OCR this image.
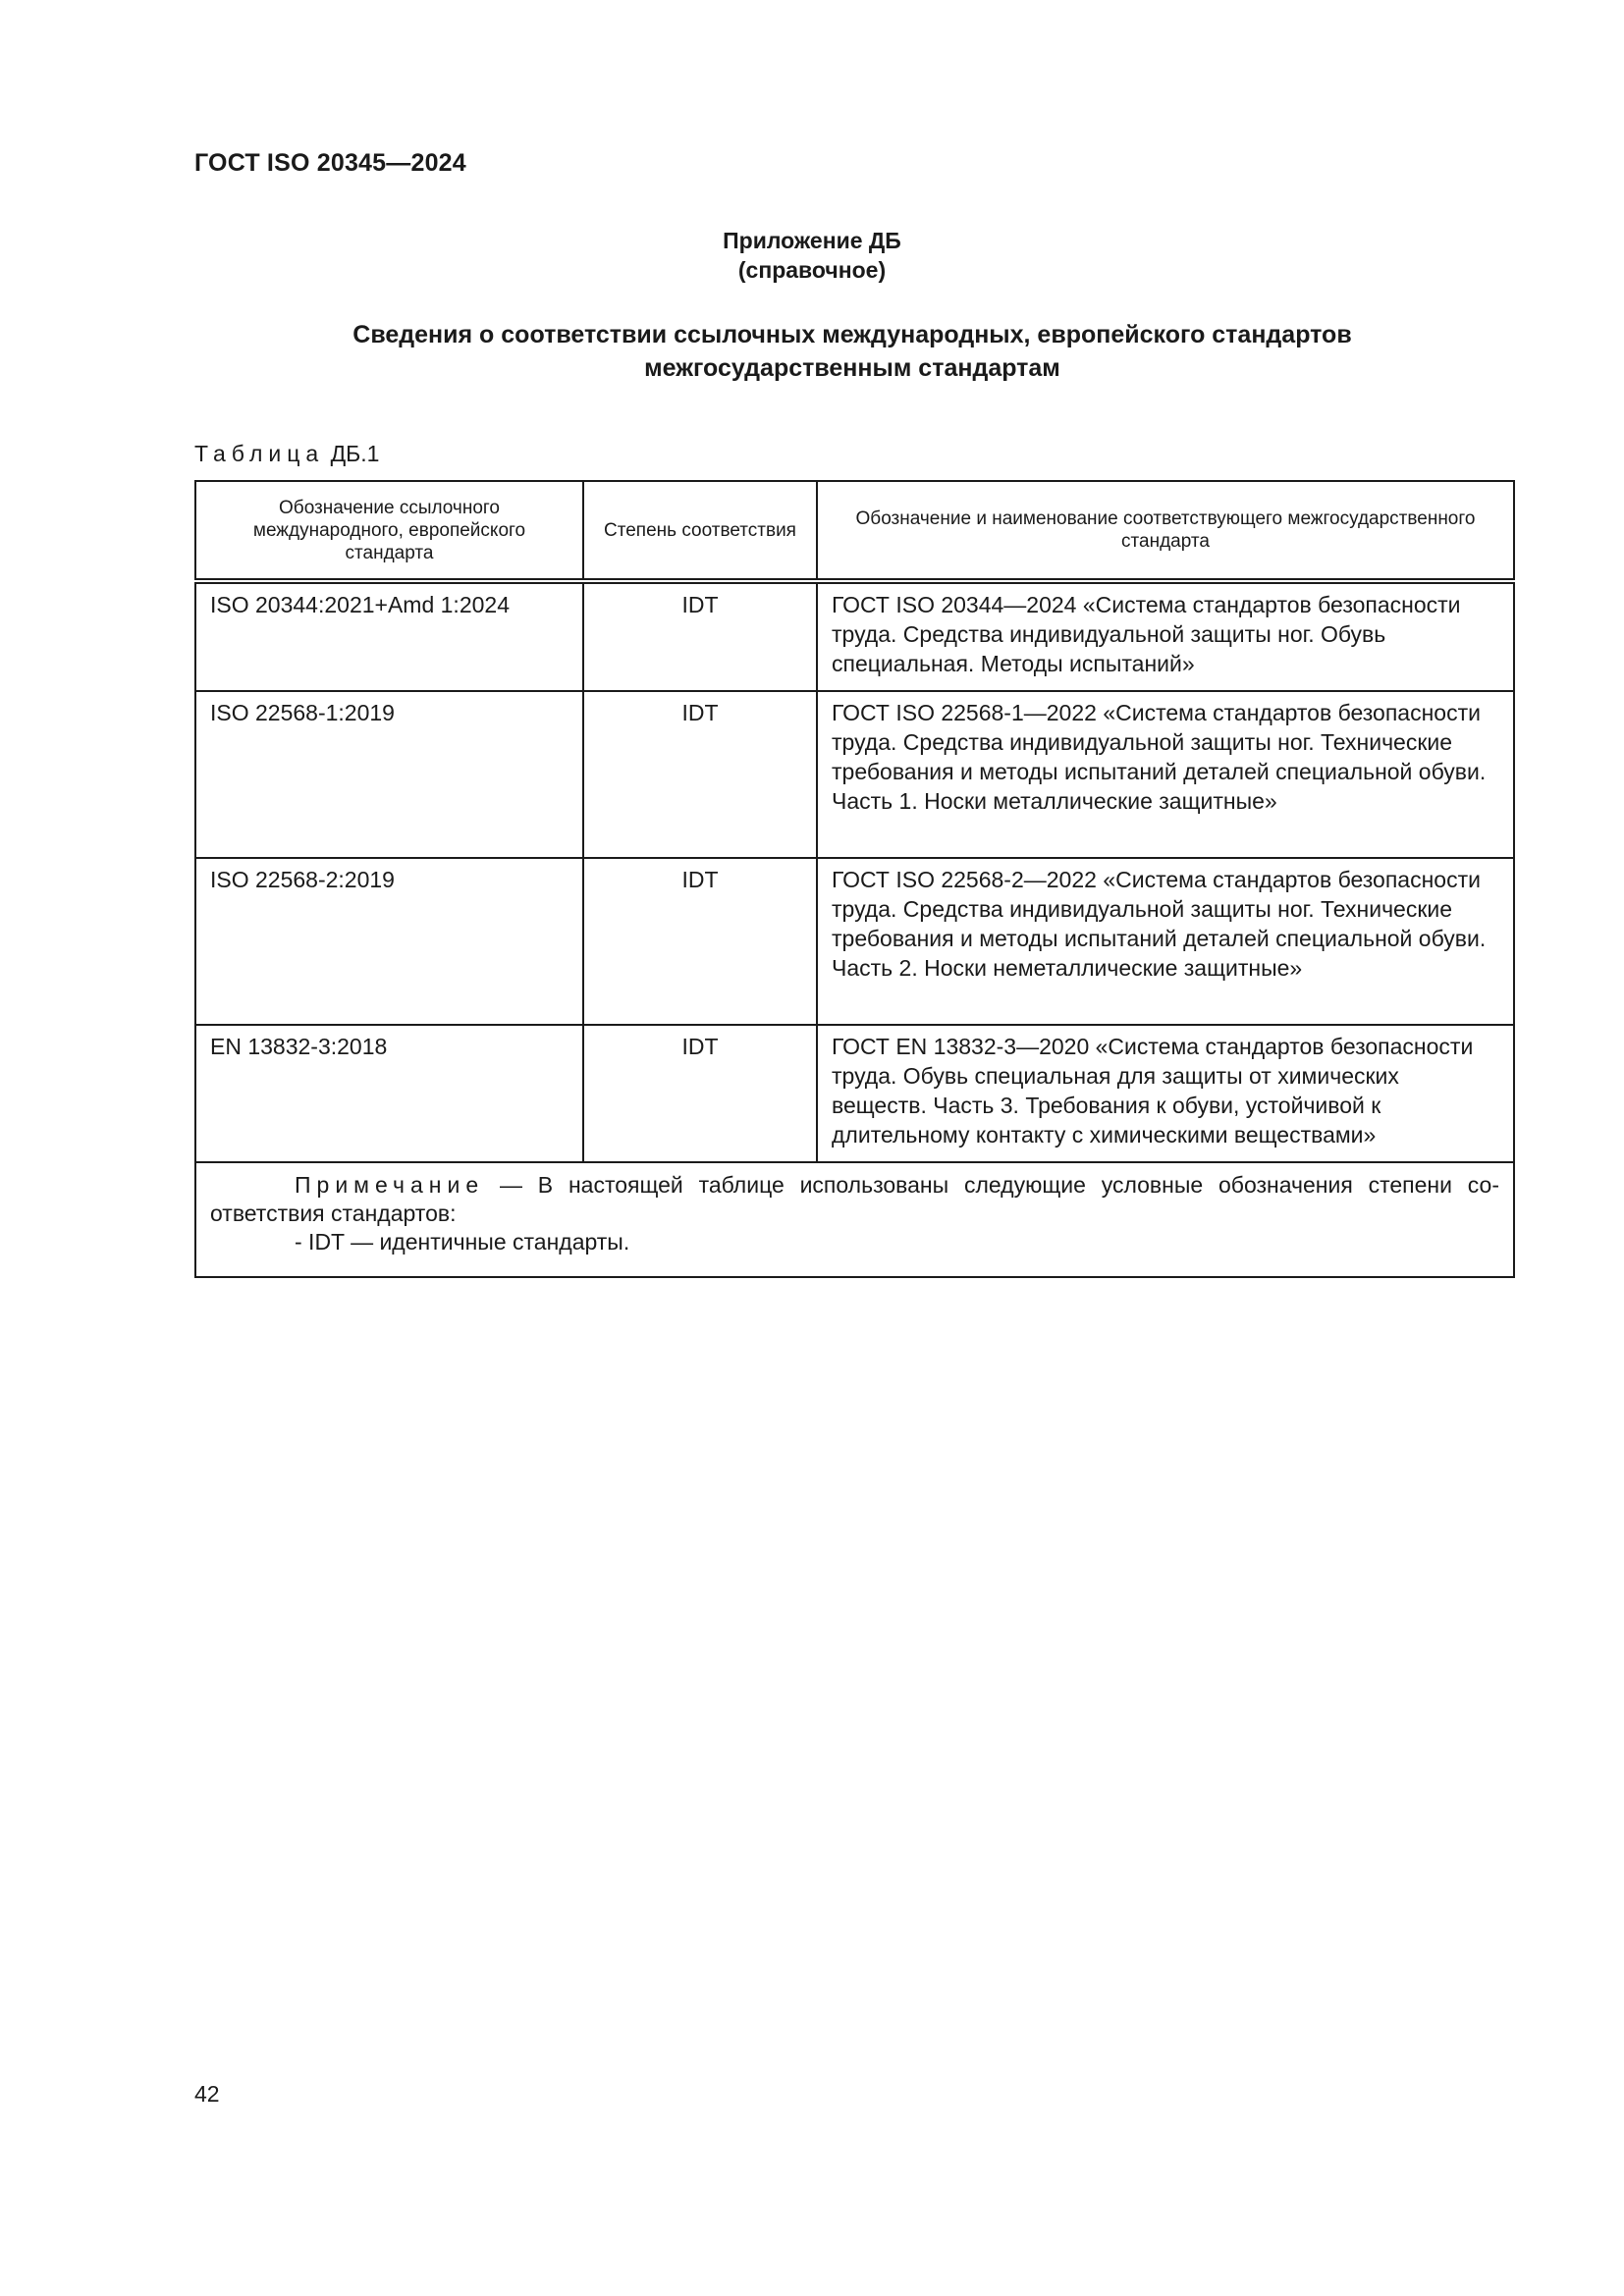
ГОСТ ISO 20345—2024
Приложение ДБ
(справочное)
Сведения о соответствии ссылочных международных, европейского стандартов
межгосударственным стандартам
Таблица ДБ.1
Обозначение ссылочного международного, европейского стандарта	Степень соответствия	Обозначение и наименование соответствующего межгосударственного стандарта
ISO 20344:2021+Amd 1:2024	IDT	ГОСТ ISO 20344—2024 «Система стандартов безопасности труда. Средства индивидуальной защиты ног. Обувь специальная. Методы испытаний»
ISO 22568-1:2019	IDT	ГОСТ ISO 22568-1—2022 «Система стандартов безопасности труда. Средства индивидуальной защиты ног. Технические требования и методы испытаний деталей специальной обуви. Часть 1. Носки металлические защитные»
ISO 22568-2:2019	IDT	ГОСТ ISO 22568-2—2022 «Система стандартов безопасности труда. Средства индивидуальной защиты ног. Технические требования и методы испытаний деталей специальной обуви. Часть 2. Носки неметаллические защитные»
EN 13832-3:2018	IDT	ГОСТ EN 13832-3—2020 «Система стандартов безопасности труда. Обувь специальная для защиты от химических веществ. Часть 3. Требования к обуви, устойчивой к длительному контакту с химическими веществами»

Примечание — В настоящей таблице использованы следующие условные обозначения степени соответствия стандартов:
- IDT — идентичные стандарты.		
42
